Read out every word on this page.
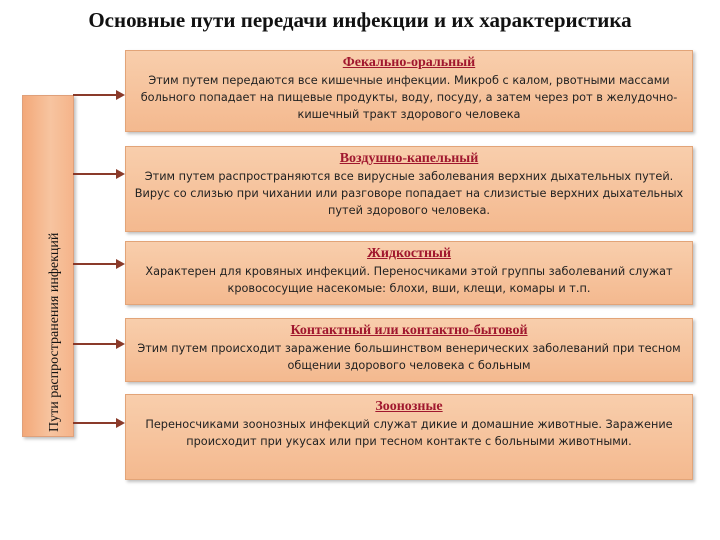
Основные пути передачи инфекции и их характеристика
Пути распространения инфекций
Фекально-оральный
Этим путем передаются все кишечные инфекции. Микроб с калом, рвотными массами больного попадает на пищевые продукты, воду, посуду, а затем через рот в желудочно-кишечный тракт здорового человека
Воздушно-капельный
Этим путем распространяются все вирусные заболевания верхних дыхательных путей. Вирус со слизью при чихании или разговоре попадает на слизистые верхних дыхательных путей здорового человека.
Жидкостный
Характерен для кровяных инфекций. Переносчиками этой группы заболеваний служат кровососущие насекомые: блохи, вши, клещи, комары и т.п.
Контактный или контактно-бытовой
Этим путем происходит заражение большинством венерических заболеваний при тесном общении здорового человека с больным
Зоонозные
Переносчиками зоонозных инфекций служат дикие и домашние животные. Заражение происходит при укусах или при тесном контакте с больными животными.
